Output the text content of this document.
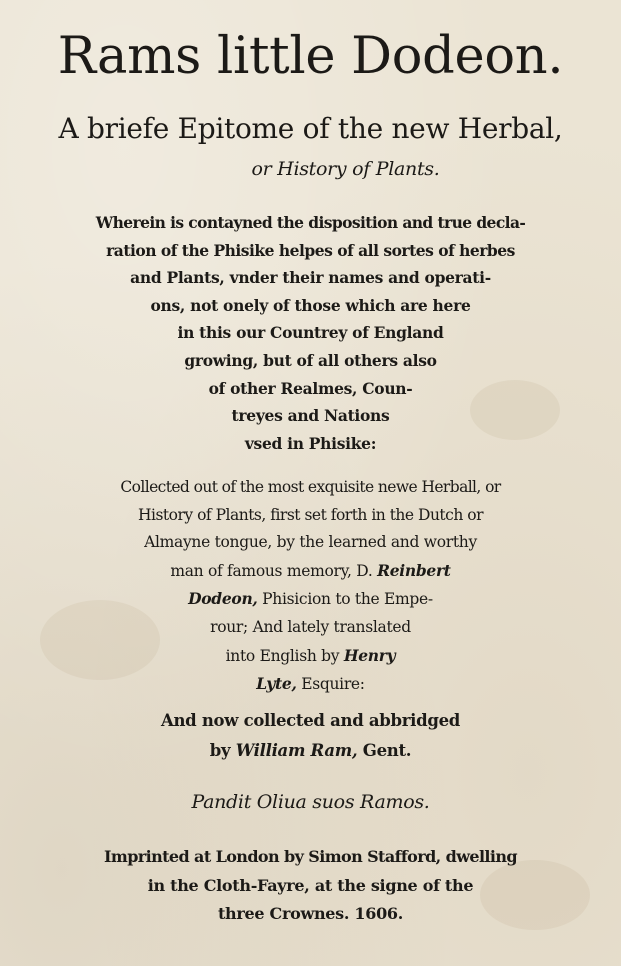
Rams little Dodeon.
A briefe Epitome of the new Herbal,
or History of Plants.
Wherein is contayned the disposition and true decla-
ration of the Phisike helpes of all sortes of herbes
and Plants, vnder their names and operati-
ons, not onely of those which are here
in this our Countrey of England
growing, but of all others also
of other Realmes, Coun-
treyes and Nations
vsed in Phisike:
Collected out of the most exquisite newe Herball, or
History of Plants, first set forth in the Dutch or
Almayne tongue, by the learned and worthy
man of famous memory, D. Reinbert
Dodeon, Phisicion to the Empe-
rour; And lately translated
into English by Henry
Lyte, Esquire:
And now collected and abbridged
by William Ram, Gent.
Pandit Oliua suos Ramos.
Imprinted at London by Simon Stafford, dwelling
in the Cloth-Fayre, at the signe of the
three Crownes. 1606.
